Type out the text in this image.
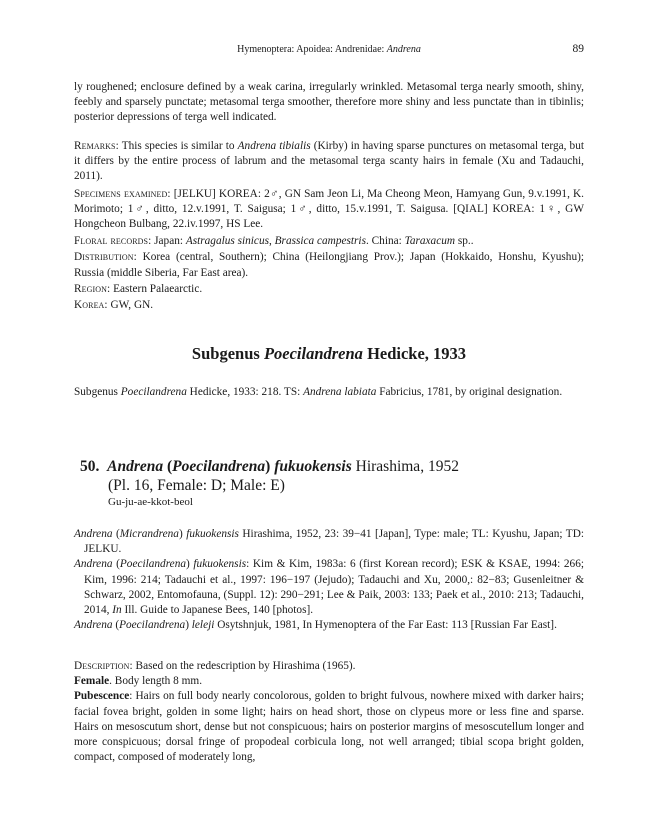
Hymenoptera: Apoidea: Andrenidae: Andrena	89

ly roughened; enclosure defined by a weak carina, irregularly wrinkled. Metasomal terga nearly smooth, shiny, feebly and sparsely punctate; metasomal terga smoother, therefore more shiny and less punctate than in tibinlis; posterior depressions of terga well indicated.

Remarks: This species is similar to Andrena tibialis (Kirby) in having sparse punctures on metasomal terga, but it differs by the entire process of labrum and the metasomal terga scanty hairs in female (Xu and Tadauchi, 2011).

Specimens examined: [JELKU] KOREA: 2♂, GN Sam Jeon Li, Ma Cheong Meon, Hamyang Gun, 9.v.1991, K. Morimoto; 1♂, ditto, 12.v.1991, T. Saigusa; 1♂, ditto, 15.v.1991, T. Saigusa. [QIAL] KOREA: 1♀, GW Hongcheon Bulbang, 22.iv.1997, HS Lee.

Floral records: Japan: Astragalus sinicus, Brassica campestris. China: Taraxacum sp..

Distribution: Korea (central, Southern); China (Heilongjiang Prov.); Japan (Hokkaido, Honshu, Kyushu); Russia (middle Siberia, Far East area).

Region: Eastern Palaearctic.

Korea: GW, GN.

Subgenus Poecilandrena Hedicke, 1933

Subgenus Poecilandrena Hedicke, 1933: 218. TS: Andrena labiata Fabricius, 1781, by original designation.

50. Andrena (Poecilandrena) fukuokensis Hirashima, 1952
(Pl. 16, Female: D; Male: E)
Gu-ju-ae-kkot-beol

Andrena (Micrandrena) fukuokensis Hirashima, 1952, 23: 39−41 [Japan], Type: male; TL: Kyushu, Japan; TD: JELKU.

Andrena (Poecilandrena) fukuokensis: Kim & Kim, 1983a: 6 (first Korean record); ESK & KSAE, 1994: 266; Kim, 1996: 214; Tadauchi et al., 1997: 196−197 (Jejudo); Tadauchi and Xu, 2000,: 82−83; Gusenleitner & Schwarz, 2002, Entomofauna, (Suppl. 12): 290−291; Lee & Paik, 2003: 133; Paek et al., 2010: 213; Tadauchi, 2014, In Ill. Guide to Japanese Bees, 140 [photos].

Andrena (Poecilandrena) leleji Osytshnjuk, 1981, In Hymenoptera of the Far East: 113 [Russian Far East].

Description: Based on the redescription by Hirashima (1965).

Female. Body length 8 mm.

Pubescence: Hairs on full body nearly concolorous, golden to bright fulvous, nowhere mixed with darker hairs; facial fovea bright, golden in some light; hairs on head short, those on clypeus more or less fine and sparse. Hairs on mesoscutum short, dense but not conspicuous; hairs on posterior margins of mesoscutellum longer and more conspicuous; dorsal fringe of propodeal corbicula long, not well arranged; tibial scopa bright golden, compact, composed of moderately long,
